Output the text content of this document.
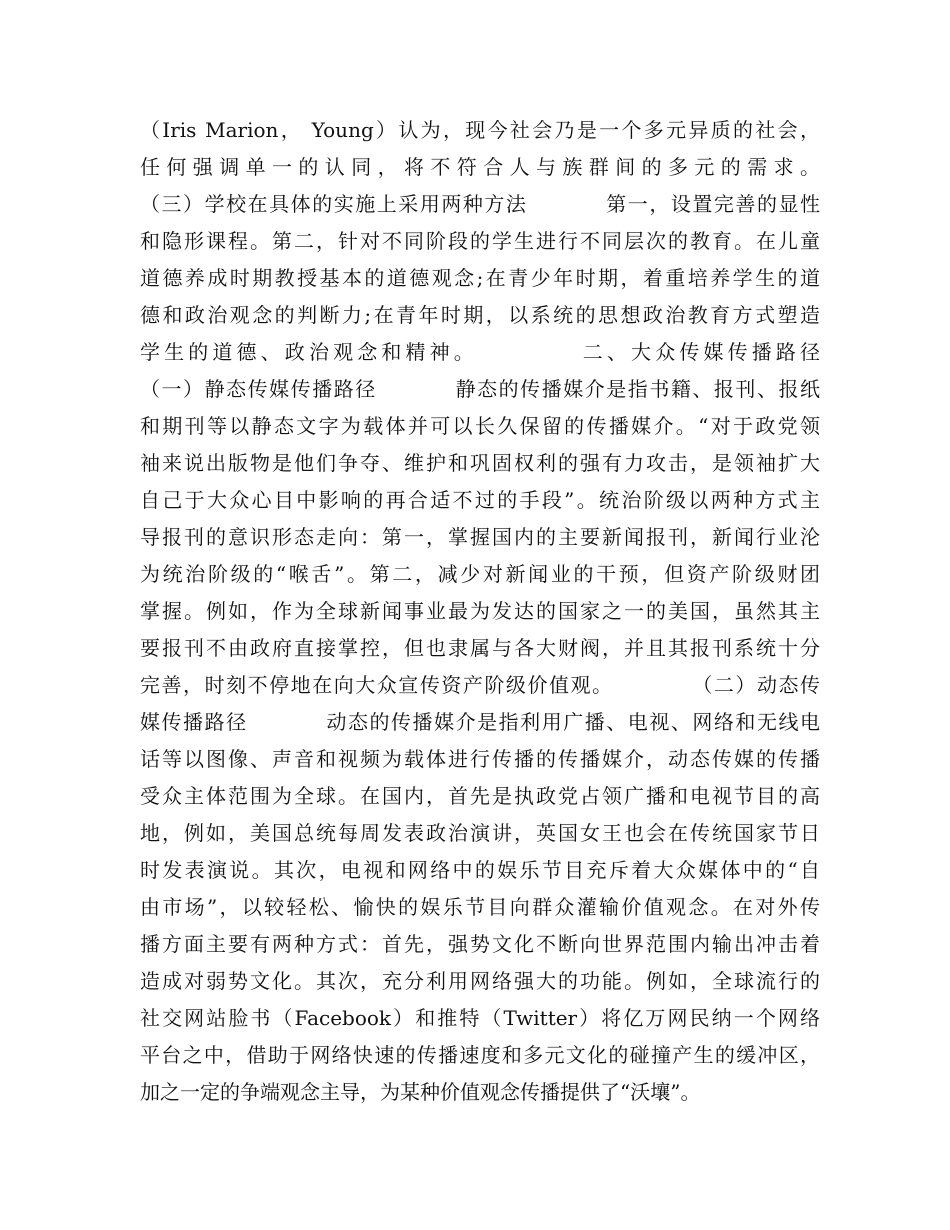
（Iris Marion， Young）认为，现今社会乃是一个多元异质的社会，
任何强调单一的认同，将不符合人与族群间的多元的需求。
（三）学校在具体的实施上采用两种方法          第一，设置完善的显性
和隐形课程。第二，针对不同阶段的学生进行不同层次的教育。在儿童
道德养成时期教授基本的道德观念;在青少年时期，着重培养学生的道
德和政治观念的判断力;在青年时期，以系统的思想政治教育方式塑造
学生的道德、政治观念和精神。          二、大众传媒传播路径
（一）静态传媒传播路径          静态的传播媒介是指书籍、报刊、报纸
和期刊等以静态文字为载体并可以长久保留的传播媒介。“对于政党领
袖来说出版物是他们争夺、维护和巩固权利的强有力攻击，是领袖扩大
自己于大众心目中影响的再合适不过的手段”。统治阶级以两种方式主
导报刊的意识形态走向：第一，掌握国内的主要新闻报刊，新闻行业沦
为统治阶级的“喉舌”。第二，减少对新闻业的干预，但资产阶级财团
掌握。例如，作为全球新闻事业最为发达的国家之一的美国，虽然其主
要报刊不由政府直接掌控，但也隶属与各大财阀，并且其报刊系统十分
完善，时刻不停地在向大众宣传资产阶级价值观。          （二）动态传
媒传播路径          动态的传播媒介是指利用广播、电视、网络和无线电
话等以图像、声音和视频为载体进行传播的传播媒介，动态传媒的传播
受众主体范围为全球。在国内，首先是执政党占领广播和电视节目的高
地，例如，美国总统每周发表政治演讲，英国女王也会在传统国家节日
时发表演说。其次，电视和网络中的娱乐节目充斥着大众媒体中的“自
由市场”，以较轻松、愉快的娱乐节目向群众灌输价值观念。在对外传
播方面主要有两种方式：首先，强势文化不断向世界范围内输出冲击着
造成对弱势文化。其次，充分利用网络强大的功能。例如，全球流行的
社交网站脸书（Facebook）和推特（Twitter）将亿万网民纳一个网络
平台之中，借助于网络快速的传播速度和多元文化的碰撞产生的缓冲区，
加之一定的争端观念主导，为某种价值观念传播提供了“沃壤”。
